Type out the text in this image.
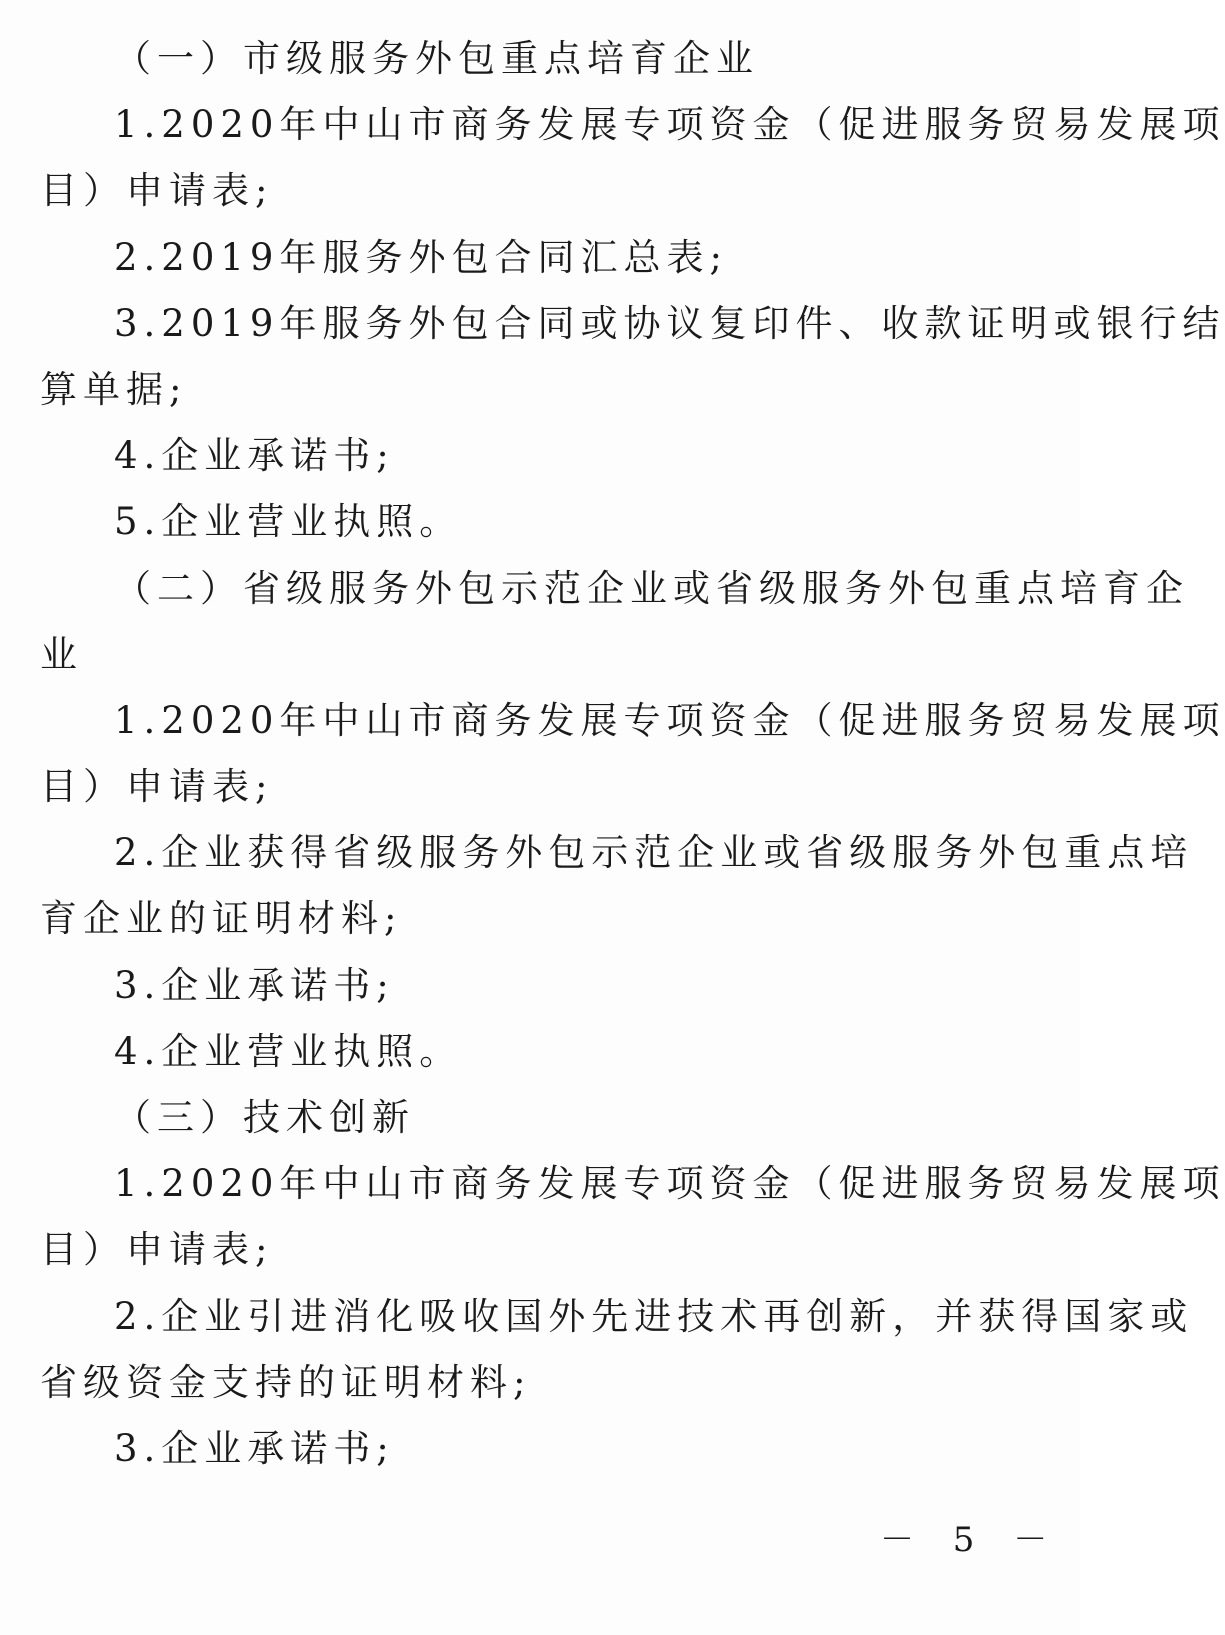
（一）市级服务外包重点培育企业
1.2020年中山市商务发展专项资金（促进服务贸易发展项
目）申请表;
2.2019年服务外包合同汇总表;
3.2019年服务外包合同或协议复印件、收款证明或银行结
算单据;
4.企业承诺书;
5.企业营业执照。
（二）省级服务外包示范企业或省级服务外包重点培育企
业
1.2020年中山市商务发展专项资金（促进服务贸易发展项
目）申请表;
2.企业获得省级服务外包示范企业或省级服务外包重点培
育企业的证明材料;
3.企业承诺书;
4.企业营业执照。
（三）技术创新
1.2020年中山市商务发展专项资金（促进服务贸易发展项
目）申请表;
2.企业引进消化吸收国外先进技术再创新，并获得国家或
省级资金支持的证明材料;
3.企业承诺书;
－ 5 －
